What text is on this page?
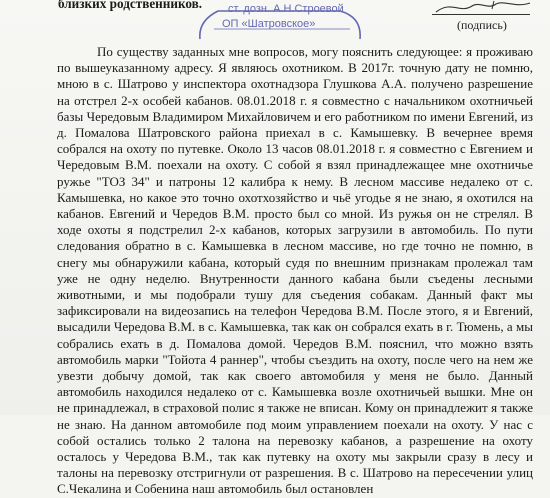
близких родственников. ст. дозн. А.Н.Строевой
ОП «Шатровское»	(подпись)

По существу заданных мне вопросов, могу пояснить следующее: я проживаю по вышеуказанному адресу. Я являюсь охотником. В 2017г. точную дату не помню, мною в с. Шатрово у инспектора охотнадзора Глушкова А.А. получено разрешение на отстрел 2-х особей кабанов. 08.01.2018 г. я совместно с начальником охотничьей базы Чередовым Владимиром Михайловичем и его работником по имени Евгений, из д. Помалова Шатровского района приехал в с. Камышевку. В вечернее время собрался на охоту по путевке. Около 13 часов 08.01.2018 г. я совместно с Евгением и Чередовым В.М. поехали на охоту. С собой я взял принадлежащее мне охотничье ружье "ТОЗ 34" и патроны 12 калибра к нему. В лесном массиве недалеко от с. Камышевка, но какое это точно охотхозяйство и чьё угодье я не знаю, я охотился на кабанов. Евгений и Чередов В.М. просто был со мной. Из ружья он не стрелял. В ходе охоты я подстрелил 2-х кабанов, которых загрузили в автомобиль. По пути следования обратно в с. Камышевка в лесном массиве, но где точно не помню, в снегу мы обнаружили кабана, который судя по внешним признакам пролежал там уже не одну неделю. Внутренности данного кабана были съедены лесными животными, и мы подобрали тушу для съедения собакам. Данный факт мы зафиксировали на видеозапись на телефон Чередова В.М. После этого, я и Евгений, высадили Чередова В.М. в с. Камышевка, так как он собрался ехать в г. Тюмень, а мы собрались ехать в д. Помалова домой. Чередов В.М. пояснил, что можно взять автомобиль марки "Тойота 4 раннер", чтобы съездить на охоту, после чего на нем же увезти добычу домой, так как своего автомобиля у меня не было. Данный автомобиль находился недалеко от с. Камышевка возле охотничьей вышки. Мне он не принадлежал, в страховой полис я также не вписан. Кому он принадлежит я также не знаю. На данном автомобиле под моим управлением поехали на охоту. У нас с собой остались только 2 талона на перевозку кабанов, а разрешение на охоту осталось у Чередова В.М., так как путевку на охоту мы закрыли сразу в лесу и талоны на перевозку отстригнули от разрешения. В с. Шатрово на пересечении улиц С.Чекалина и Собенина наш автомобиль был остановлен
